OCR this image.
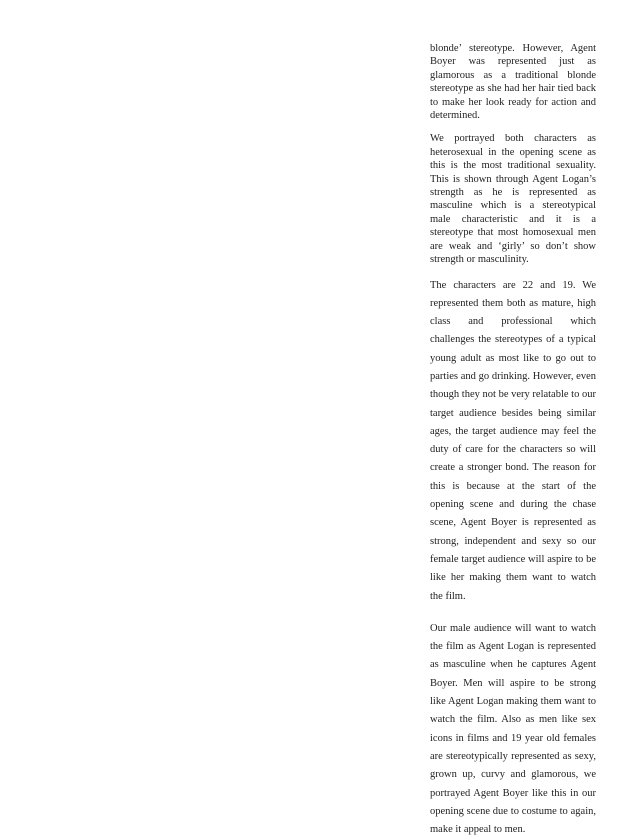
blonde’ stereotype. However, Agent Boyer was represented just as glamorous as a traditional blonde stereotype as she had her hair tied back to make her look ready for action and determined.

We portrayed both characters as heterosexual in the opening scene as this is the most traditional sexuality. This is shown through Agent Logan’s strength as he is represented as masculine which is a stereotypical male characteristic and it is a stereotype that most homosexual men are weak and ‘girly’ so don’t show strength or masculinity.

The characters are 22 and 19. We represented them both as mature, high class and professional which challenges the stereotypes of a typical young adult as most like to go out to parties and go drinking. However, even though they not be very relatable to our target audience besides being similar ages, the target audience may feel the duty of care for the characters so will create a stronger bond. The reason for this is because at the start of the opening scene and during the chase scene, Agent Boyer is represented as strong, independent and sexy so our female target audience will aspire to be like her making them want to watch the film.

Our male audience will want to watch the film as Agent Logan is represented as masculine when he captures Agent Boyer. Men will aspire to be strong like Agent Logan making them want to watch the film. Also as men like sex icons in films and 19 year old females are stereotypically represented as sexy, grown up, curvy and glamorous, we portrayed Agent Boyer like this in our opening scene due to costume to again, make it appeal to men.
